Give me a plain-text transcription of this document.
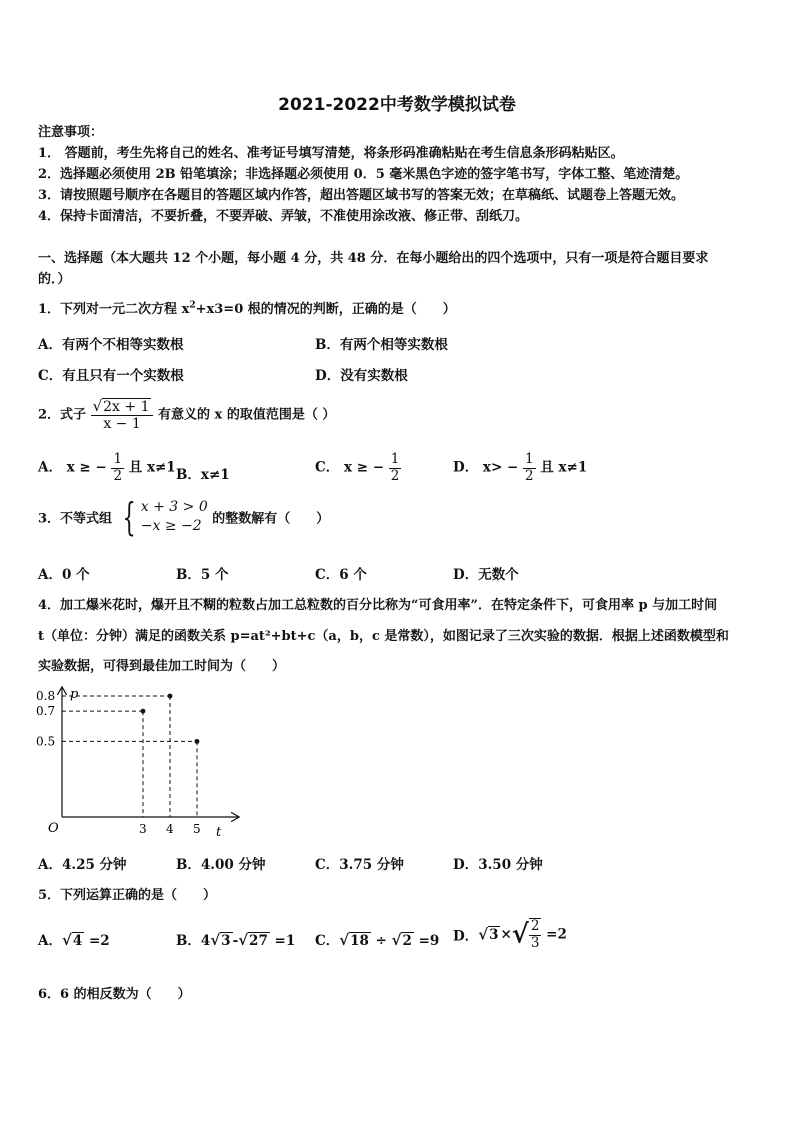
2021-2022中考数学模拟试卷
注意事项：
1． 答题前，考生先将自己的姓名、准考证号填写清楚，将条形码准确粘贴在考生信息条形码粘贴区。
2．选择题必须使用 2B 铅笔填涂；非选择题必须使用 0．5 毫米黑色字迹的签字笔书写，字体工整、笔迹清楚。
3．请按照题号顺序在各题目的答题区域内作答，超出答题区域书写的答案无效；在草稿纸、试题卷上答题无效。
4．保持卡面清洁，不要折叠，不要弄破、弄皱，不准使用涂改液、修正带、刮纸刀。
一、选择题（本大题共 12 个小题，每小题 4 分，共 48 分．在每小题给出的四个选项中，只有一项是符合题目要求
的．）
1．下列对一元二次方程 $x^2+x3=0$ 根的情况的判断，正确的是（　　）
A．有两个不相等实数根	B．有两个相等实数根
C．有且只有一个实数根	D．没有实数根
2．式子 $\frac{√2x + 1}{x - 1}$ 有意义的 x 的取值范围是（ ）
A． x ≥ − $\frac{1}{2}$ 且 x≠1 B．x≠1	C． x ≥ − $\frac{1}{2}$	D． $x> - \frac{1}{2}$ 且 x≠1
3．不等式组 { x + 3 > 0
−x ≥ −2 的整数解有（　　）
A．0 个	B．5 个	C．6 个	D．无数个
4．加工爆米花时，爆开且不糊的粒数占加工总粒数的百分比称为“可食用率”．在特定条件下，可食用率 p 与加工时间
t（单位：分钟）满足的函数关系 p=at²+bt+c（a，b，c 是常数），如图记录了三次实验的数据．根据上述函数模型和
实验数据，可得到最佳加工时间为（　　）
p
t
O	3 4 5
0.8
0.7
0.5
A．4.25 分钟	B．4.00 分钟	C．3.75 分钟	D．3.50 分钟
5．下列运算正确的是（　　）
A．√4 =2	B．4√3 -√27 =1 C．√18 ÷ √2 =9 D．√3 ×√ $\frac{2}{3} =2$
6．6 的相反数为（　　）
